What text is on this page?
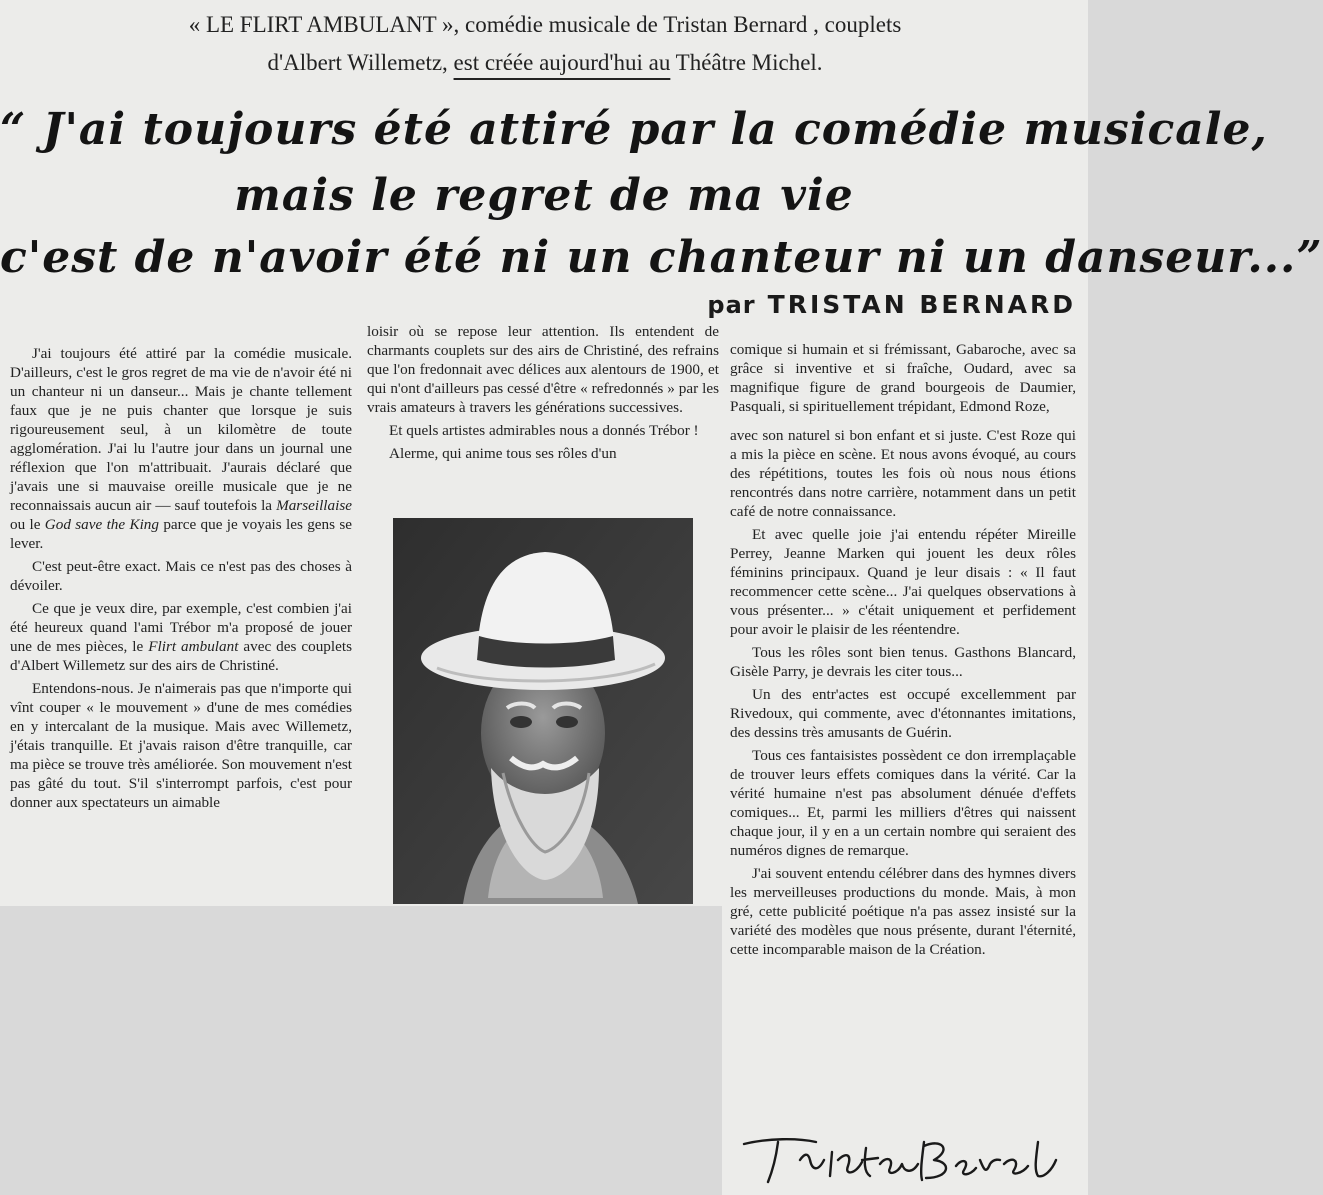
« LE FLIRT AMBULANT », comédie musicale de Tristan Bernard , couplets
d'Albert Willemetz, est créée aujourd'hui au Théâtre Michel.
“ J'ai toujours été attiré par la comédie musicale,
mais le regret de ma vie
c'est de n'avoir été ni un chanteur ni un danseur...”
par TRISTAN BERNARD

J'ai toujours été attiré par la comédie musicale. D'ailleurs, c'est le gros regret de ma vie de n'avoir été ni un chanteur ni un danseur... Mais je chante tellement faux que je ne puis chanter que lorsque je suis rigoureusement seul, à un kilomètre de toute agglomération. J'ai lu l'autre jour dans un journal une réflexion que l'on m'attribuait. J'aurais déclaré que j'avais une si mauvaise oreille musicale que je ne reconnaissais aucun air — sauf toutefois la Marseillaise ou le God save the King parce que je voyais les gens se lever.

C'est peut-être exact. Mais ce n'est pas des choses à dévoiler.

Ce que je veux dire, par exemple, c'est combien j'ai été heureux quand l'ami Trébor m'a proposé de jouer une de mes pièces, le Flirt ambulant avec des couplets d'Albert Willemetz sur des airs de Christiné.

Entendons-nous. Je n'aimerais pas que n'importe qui vînt couper « le mouvement » d'une de mes comédies en y intercalant de la musique. Mais avec Willemetz, j'étais tranquille. Et j'avais raison d'être tranquille, car ma pièce se trouve très améliorée. Son mouvement n'est pas gâté du tout. S'il s'interrompt parfois, c'est pour donner aux spectateurs un aimable

loisir où se repose leur attention. Ils entendent de charmants couplets sur des airs de Christiné, des refrains que l'on fredonnait avec délices aux alentours de 1900, et qui n'ont d'ailleurs pas cessé d'être « refredonnés » par les vrais amateurs à travers les générations successives.

Et quels artistes admirables nous a donnés Trébor !

Alerme, qui anime tous ses rôles d'un

comique si humain et si frémissant, Gabaroche, avec sa grâce si inventive et si fraîche, Oudard, avec sa magnifique figure de grand bourgeois de Daumier, Pasquali, si spirituellement trépidant, Edmond Roze,

avec son naturel si bon enfant et si juste. C'est Roze qui a mis la pièce en scène. Et nous avons évoqué, au cours des répétitions, toutes les fois où nous nous étions rencontrés dans notre carrière, notamment dans un petit café de notre connaissance.

Et avec quelle joie j'ai entendu répéter Mireille Perrey, Jeanne Marken qui jouent les deux rôles féminins principaux. Quand je leur disais : « Il faut recommencer cette scène... J'ai quelques observations à vous présenter... » c'était uniquement et perfidement pour avoir le plaisir de les réentendre.

Tous les rôles sont bien tenus. Gasthons Blancard, Gisèle Parry, je devrais les citer tous...

Un des entr'actes est occupé excellemment par Rivedoux, qui commente, avec d'étonnantes imitations, des dessins très amusants de Guérin.

Tous ces fantaisistes possèdent ce don irremplaçable de trouver leurs effets comiques dans la vérité. Car la vérité humaine n'est pas absolument dénuée d'effets comiques... Et, parmi les milliers d'êtres qui naissent chaque jour, il y en a un certain nombre qui seraient des numéros dignes de remarque.

J'ai souvent entendu célébrer dans des hymnes divers les merveilleuses productions du monde. Mais, à mon gré, cette publicité poétique n'a pas assez insisté sur la variété des modèles que nous présente, durant l'éternité, cette incomparable maison de la Création.
